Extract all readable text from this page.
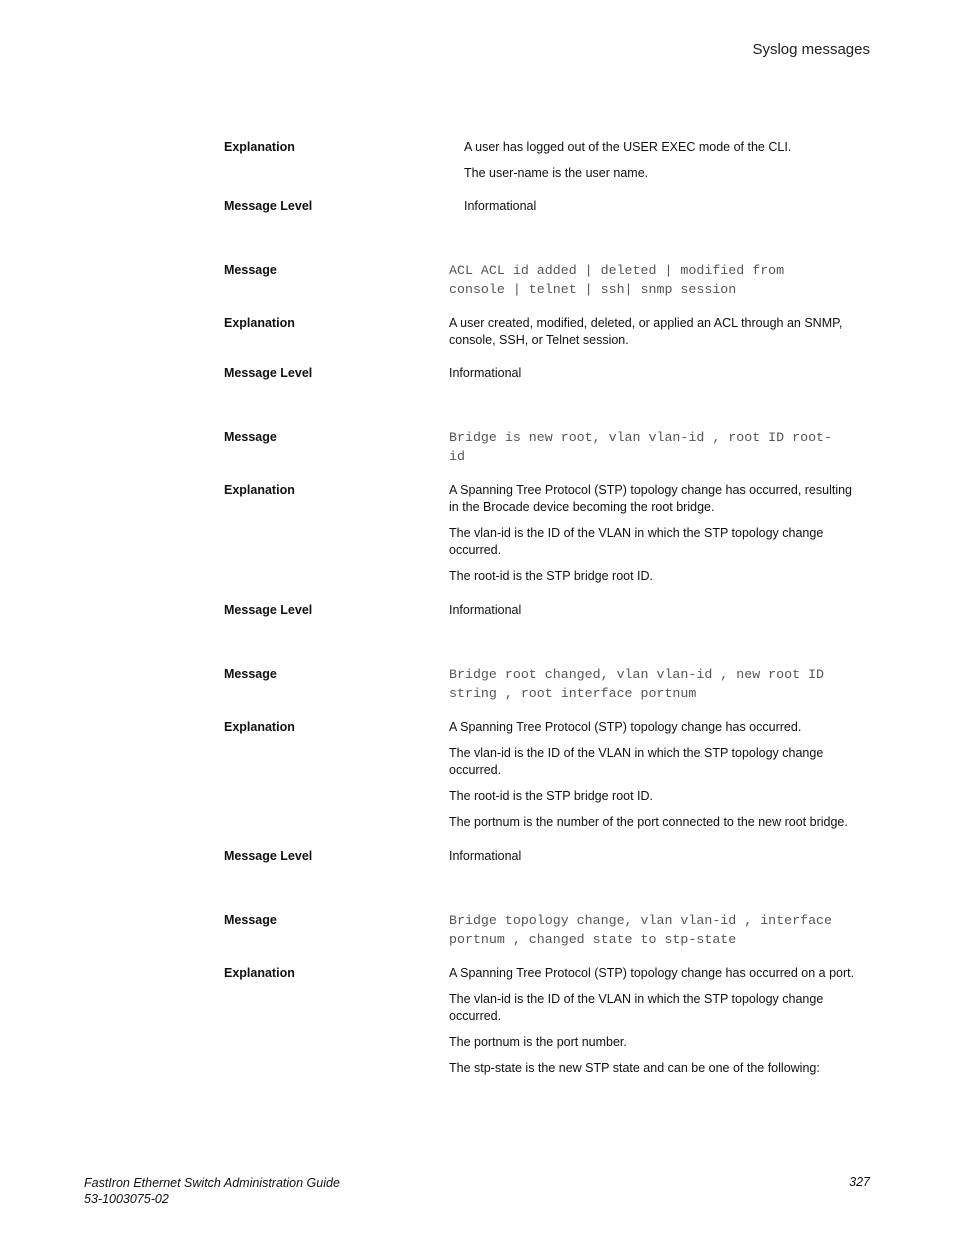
Syslog messages
Explanation	A user has logged out of the USER EXEC mode of the CLI.

The user-name is the user name.

Message Level	Informational

Message	ACL ACL id added | deleted | modified from
console | telnet | ssh| snmp session
Explanation	A user created, modified, deleted, or applied an ACL through an SNMP, console, SSH, or Telnet session.

Message Level	Informational

Message	Bridge is new root, vlan vlan-id , root ID root-
id
Explanation	A Spanning Tree Protocol (STP) topology change has occurred, resulting in the Brocade device becoming the root bridge.

The vlan-id is the ID of the VLAN in which the STP topology change occurred.

The root-id is the STP bridge root ID.

Message Level	Informational

Message	Bridge root changed, vlan vlan-id , new root ID
string , root interface portnum
Explanation	A Spanning Tree Protocol (STP) topology change has occurred.

The vlan-id is the ID of the VLAN in which the STP topology change occurred.

The root-id is the STP bridge root ID.

The portnum is the number of the port connected to the new root bridge.

Message Level	Informational

Message	Bridge topology change, vlan vlan-id , interface
portnum , changed state to stp-state
Explanation	A Spanning Tree Protocol (STP) topology change has occurred on a port.

The vlan-id is the ID of the VLAN in which the STP topology change occurred.

The portnum is the port number.

The stp-state is the new STP state and can be one of the following:

FastIron Ethernet Switch Administration Guide
53-1003075-02
327
